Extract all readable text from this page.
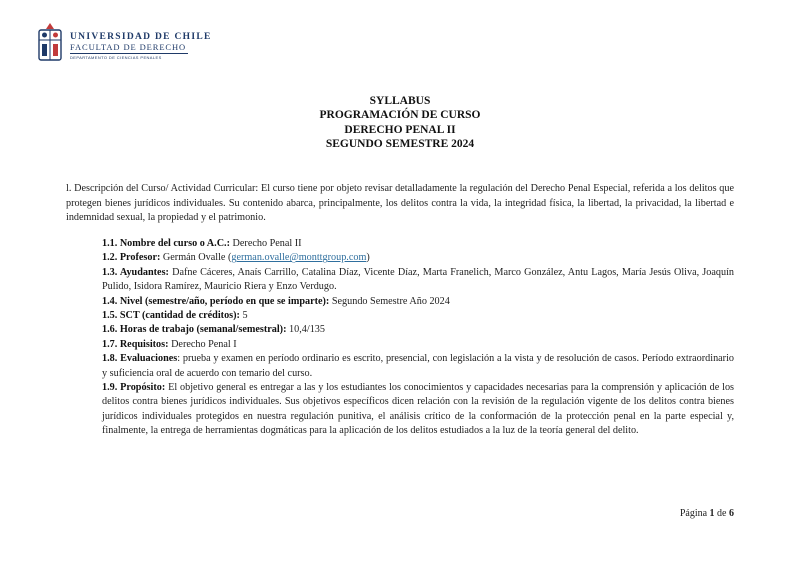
UNIVERSIDAD DE CHILE
FACULTAD DE DERECHO
DEPARTAMENTO DE CIENCIAS PENALES
SYLLABUS
PROGRAMACIÓN DE CURSO
DERECHO PENAL II
SEGUNDO SEMESTRE 2024
l. Descripción del Curso/ Actividad Curricular: El curso tiene por objeto revisar detalladamente la regulación del Derecho Penal Especial, referida a los delitos que protegen bienes jurídicos individuales. Su contenido abarca, principalmente, los delitos contra la vida, la integridad física, la libertad, la privacidad, la libertad e indemnidad sexual, la propiedad y el patrimonio.

1.1. Nombre del curso o A.C.: Derecho Penal II

1.2. Profesor: Germán Ovalle (german.ovalle@monttgroup.com)

1.3. Ayudantes: Dafne Cáceres, Anaís Carrillo, Catalina Díaz, Vicente Díaz, Marta Franelich, Marco González, Antu Lagos, María Jesús Oliva, Joaquín Pulido, Isidora Ramírez, Mauricio Riera y Enzo Verdugo.

1.4. Nivel (semestre/año, período en que se imparte): Segundo Semestre Año 2024

1.5. SCT (cantidad de créditos): 5

1.6. Horas de trabajo (semanal/semestral): 10,4/135

1.7. Requisitos: Derecho Penal I

1.8. Evaluaciones: prueba y examen en período ordinario es escrito, presencial, con legislación a la vista y de resolución de casos. Período extraordinario y suficiencia oral de acuerdo con temario del curso.

1.9. Propósito: El objetivo general es entregar a las y los estudiantes los conocimientos y capacidades necesarias para la comprensión y aplicación de los delitos contra bienes jurídicos individuales. Sus objetivos específicos dicen relación con la revisión de la regulación vigente de los delitos contra bienes jurídicos individuales protegidos en nuestra regulación punitiva, el análisis crítico de la conformación de la protección penal en la parte especial y, finalmente, la entrega de herramientas dogmáticas para la aplicación de los delitos estudiados a la luz de la teoría general del delito.

Página 1 de 6
